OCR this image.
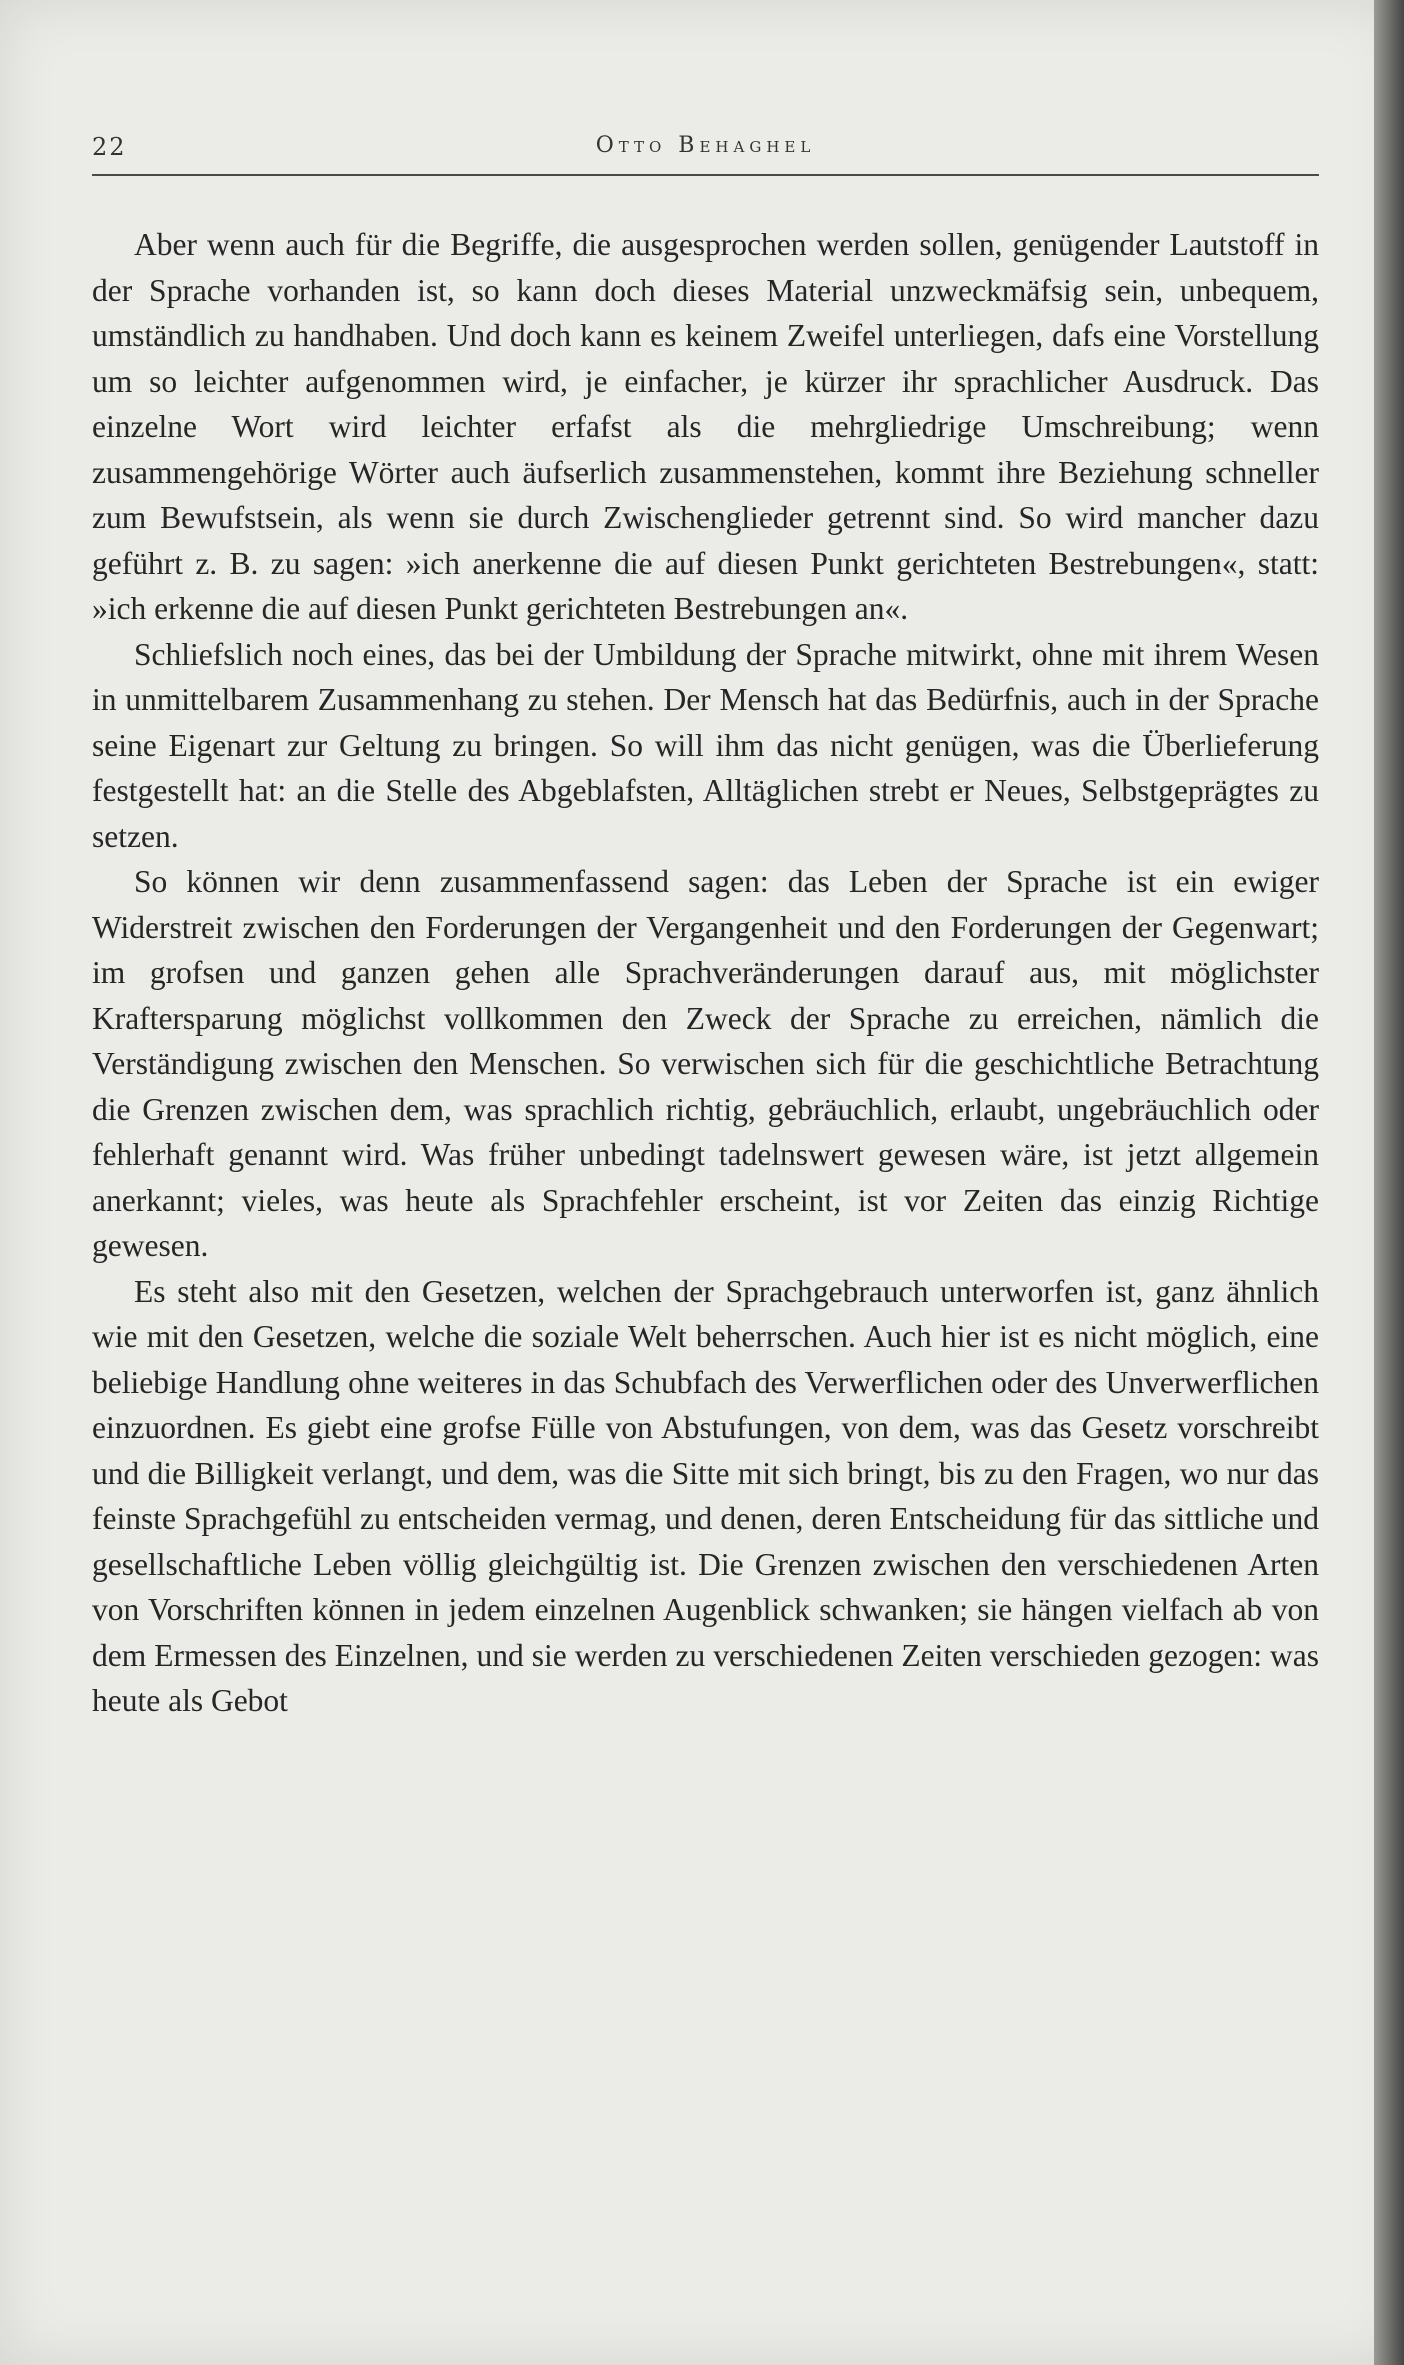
22	Otto Behaghel

Aber wenn auch für die Begriffe, die ausgesprochen werden sollen, genügender Lautstoff in der Sprache vorhanden ist, so kann doch dieses Material unzweckmäfsig sein, unbequem, umständlich zu handhaben. Und doch kann es keinem Zweifel unterliegen, dafs eine Vorstellung um so leichter aufgenommen wird, je einfacher, je kürzer ihr sprachlicher Ausdruck. Das einzelne Wort wird leichter erfafst als die mehrgliedrige Umschreibung; wenn zusammengehörige Wörter auch äufserlich zusammenstehen, kommt ihre Beziehung schneller zum Bewufstsein, als wenn sie durch Zwischenglieder getrennt sind. So wird mancher dazu geführt z. B. zu sagen: »ich anerkenne die auf diesen Punkt gerichteten Bestrebungen«, statt: »ich erkenne die auf diesen Punkt gerichteten Bestrebungen an«.

Schliefslich noch eines, das bei der Umbildung der Sprache mitwirkt, ohne mit ihrem Wesen in unmittelbarem Zusammenhang zu stehen. Der Mensch hat das Bedürfnis, auch in der Sprache seine Eigenart zur Geltung zu bringen. So will ihm das nicht genügen, was die Überlieferung festgestellt hat: an die Stelle des Abgeblafsten, Alltäglichen strebt er Neues, Selbstgeprägtes zu setzen.

So können wir denn zusammenfassend sagen: das Leben der Sprache ist ein ewiger Widerstreit zwischen den Forderungen der Vergangenheit und den Forderungen der Gegenwart; im grofsen und ganzen gehen alle Sprachveränderungen darauf aus, mit möglichster Kraftersparung möglichst vollkommen den Zweck der Sprache zu erreichen, nämlich die Verständigung zwischen den Menschen. So verwischen sich für die geschichtliche Betrachtung die Grenzen zwischen dem, was sprachlich richtig, gebräuchlich, erlaubt, ungebräuchlich oder fehlerhaft genannt wird. Was früher unbedingt tadelnswert gewesen wäre, ist jetzt allgemein anerkannt; vieles, was heute als Sprachfehler erscheint, ist vor Zeiten das einzig Richtige gewesen.

Es steht also mit den Gesetzen, welchen der Sprachgebrauch unterworfen ist, ganz ähnlich wie mit den Gesetzen, welche die soziale Welt beherrschen. Auch hier ist es nicht möglich, eine beliebige Handlung ohne weiteres in das Schubfach des Verwerflichen oder des Unverwerflichen einzuordnen. Es giebt eine grofse Fülle von Abstufungen, von dem, was das Gesetz vorschreibt und die Billigkeit verlangt, und dem, was die Sitte mit sich bringt, bis zu den Fragen, wo nur das feinste Sprachgefühl zu entscheiden vermag, und denen, deren Entscheidung für das sittliche und gesellschaftliche Leben völlig gleichgültig ist. Die Grenzen zwischen den verschiedenen Arten von Vorschriften können in jedem einzelnen Augenblick schwanken; sie hängen vielfach ab von dem Ermessen des Einzelnen, und sie werden zu verschiedenen Zeiten verschieden gezogen: was heute als Gebot
